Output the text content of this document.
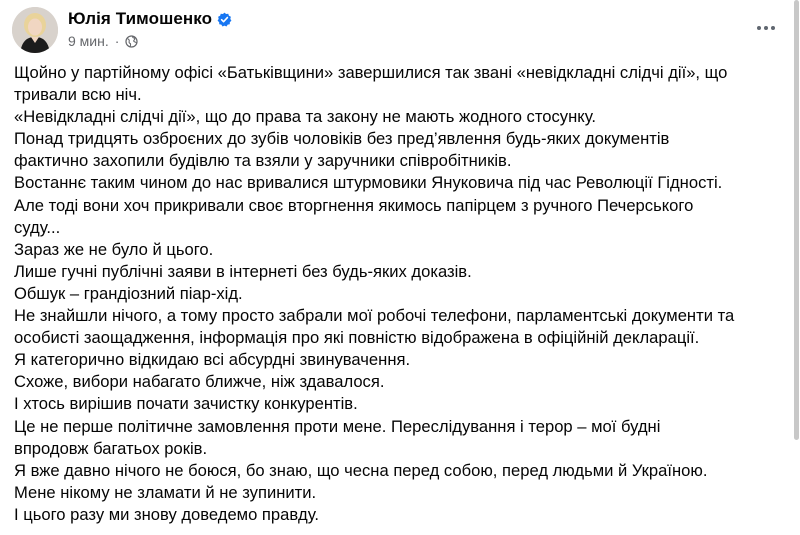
Юлія Тимошенко
9 мин. ·
Щойно у партійному офісі «Батьківщини» завершилися так звані «невідкладні слідчі дії», що
тривали всю ніч.
«Невідкладні слідчі дії», що до права та закону не мають жодного стосунку.
Понад тридцять озброєних до зубів чоловіків без пред’явлення будь-яких документів
фактично захопили будівлю та взяли у заручники співробітників.
Востаннє таким чином до нас вривалися штурмовики Януковича під час Революції Гідності.
Але тоді вони хоч прикривали своє вторгнення якимось папірцем з ручного Печерського
суду...
Зараз же не було й цього.
Лише гучні публічні заяви в інтернеті без будь-яких доказів.
Обшук – грандіозний піар-хід.
Не знайшли нічого, а тому просто забрали мої робочі телефони, парламентські документи та
особисті заощадження, інформація про які повністю відображена в офіційній декларації.
Я категорично відкидаю всі абсурдні звинувачення.
Схоже, вибори набагато ближче, ніж здавалося.
І хтось вирішив почати зачистку конкурентів.
Це не перше політичне замовлення проти мене. Переслідування і терор – мої будні
впродовж багатьох років.
Я вже давно нічого не боюся, бо знаю, що чесна перед собою, перед людьми й Україною.
Мене нікому не зламати й не зупинити.
І цього разу ми знову доведемо правду.
